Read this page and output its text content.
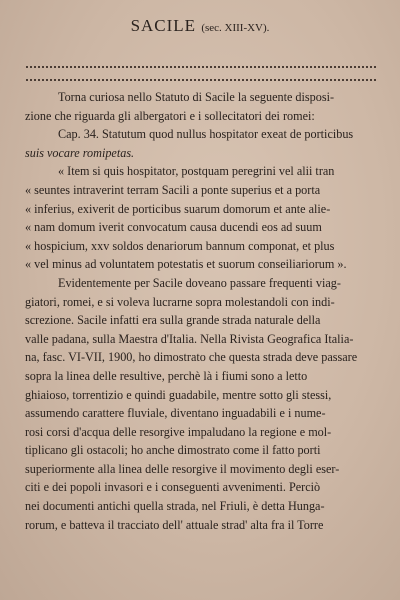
SACILE (sec. XIII-XV).
Torna curiosa nello Statuto di Sacile la seguente disposi-
zione che riguarda gli albergatori e i sollecitatori dei romei:
Cap. 34. Statutum quod nullus hospitator exeat de porticibus
suis vocare romipetas.
« Item si quis hospitator, postquam peregrini vel alii tran
« seuntes intraverint terram Sacili a ponte superius et a porta
« inferius, exiverit de porticibus suarum domorum et ante alie-
« nam domum iverit convocatum causa ducendi eos ad suum
« hospicium, xxv soldos denariorum bannum componat, et plus
« vel minus ad voluntatem potestatis et suorum conseiliariorum ».
Evidentemente per Sacile doveano passare frequenti viag-
giatori, romei, e si voleva lucrarne sopra molestandoli con indi-
screzione. Sacile infatti era sulla grande strada naturale della
valle padana, sulla Maestra d'Italia. Nella Rivista Geografica Italia-
na, fasc. VI-VII, 1900, ho dimostrato che questa strada deve passare
sopra la linea delle resultive, perchè là i fiumi sono a letto
ghiaioso, torrentizio e quindi guadabile, mentre sotto gli stessi,
assumendo carattere fluviale, diventano inguadabili e i nume-
rosi corsi d'acqua delle resorgive impaludano la regione e mol-
tiplicano gli ostacoli; ho anche dimostrato come il fatto porti
superiormente alla linea delle resorgive il movimento degli eser-
citi e dei popoli invasori e i conseguenti avvenimenti. Perciò
nei documenti antichi quella strada, nel Friuli, è detta Hunga-
rorum, e batteva il tracciato dell' attuale strad' alta fra il Torre
